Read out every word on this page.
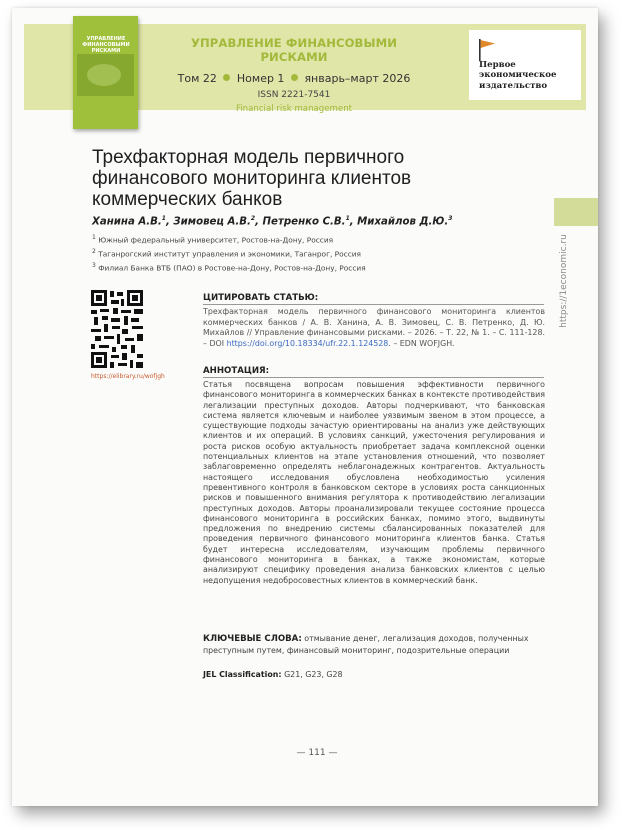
УПРАВЛЕНИЕ ФИНАНСОВЫМИ РИСКАМИ
УПРАВЛЕНИЕ ФИНАНСОВЫМИ РИСКАМИ
Том 22 Номер 1 январь–март 2026
ISSN 2221-7541
Financial risk management
Первое
экономическое
издательство
Трехфакторная модель первичного финансового мониторинга клиентов коммерческих банков
Ханина А.В.$^1$, Зимовец А.В.$^2$, Петренко С.В.$^1$, Михайлов Д.Ю.$^3$
$^1$ Южный федеральный университет, Ростов-на-Дону, Россия
$^2$ Таганрогский институт управления и экономики, Таганрог, Россия
$^3$ Филиал Банка ВТБ (ПАО) в Ростове-на-Дону, Ростов-на-Дону, Россия	https://1economic.ru
https://elibrary.ru/wofjgh
ЦИТИРОВАТЬ СТАТЬЮ:
Трехфакторная модель первичного финансового мониторинга клиентов коммерческих банков / А. В. Ханина, А. В. Зимовец, С. В. Петренко, Д. Ю. Михайлов // Управление финансовыми рисками. – 2026. – Т. 22, № 1. – С. 111-128. – DOI https://doi.org/10.18334/ufr.22.1.124528. – EDN WOFJGH.
АННОТАЦИЯ:
Статья посвящена вопросам повышения эффективности первичного финансового мониторинга в коммерческих банках в контексте противодействия легализации преступных доходов. Авторы подчеркивают, что банковская система является ключевым и наиболее уязвимым звеном в этом процессе, а существующие подходы зачастую ориентированы на анализ уже действующих клиентов и их операций. В условиях санкций, ужесточения регулирования и роста рисков особую актуальность приобретает задача комплексной оценки потенциальных клиентов на этапе установления отношений, что позволяет заблаговременно определять неблагонадежных контрагентов. Актуальность настоящего исследования обусловлена необходимостью усиления превентивного контроля в банковском секторе в условиях роста санкционных рисков и повышенного внимания регулятора к противодействию легализации преступных доходов. Авторы проанализировали текущее состояние процесса финансового мониторинга в российских банках, помимо этого, выдвинуты предложения по внедрению системы сбалансированных показателей для проведения первичного финансового мониторинга клиентов банка. Статья будет интересна исследователям, изучающим проблемы первичного финансового мониторинга в банках, а также экономистам, которые анализируют специфику проведения анализа банковских клиентов с целью недопущения недобросовестных клиентов в коммерческий банк.
КЛЮЧЕВЫЕ СЛОВА: отмывание денег, легализация доходов, полученных преступным путем, финансовый мониторинг, подозрительные операции
JEL Classification: G21, G23, G28
— 111 —
